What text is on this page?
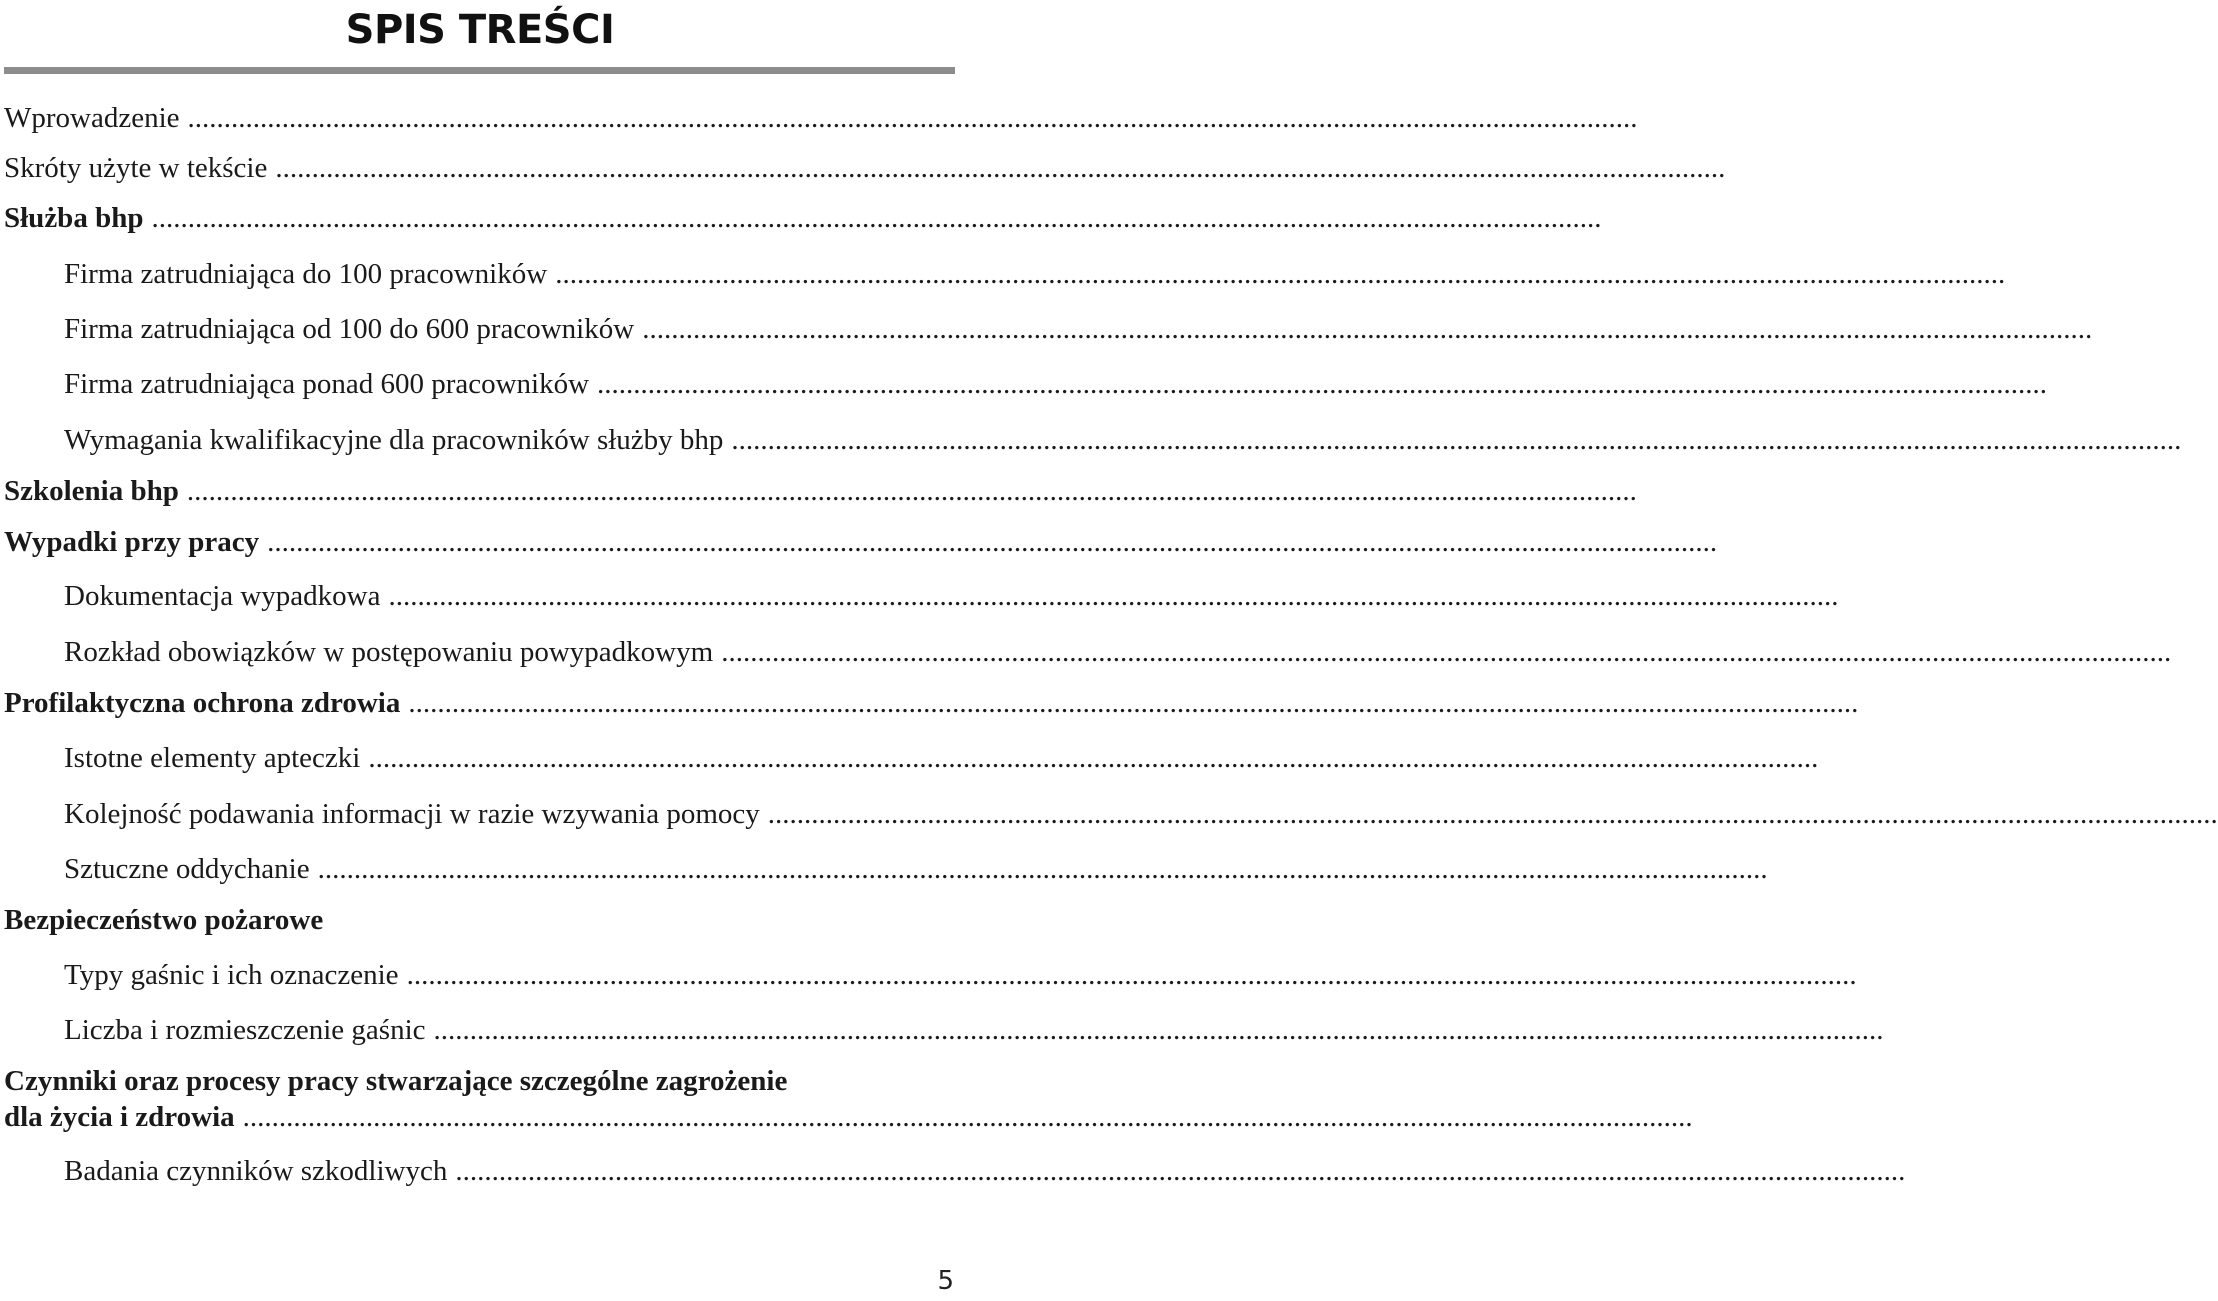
SPIS TREŚCI
Wprowadzenie ........................................................................................................................................................................................................
Skróty użyte w tekście ........................................................................................................................................................................................................
Służba bhp ........................................................................................................................................................................................................
Firma zatrudniająca do 100 pracowników ........................................................................................................................................................................................................
Firma zatrudniająca od 100 do 600 pracowników ........................................................................................................................................................................................................
Firma zatrudniająca ponad 600 pracowników ........................................................................................................................................................................................................
Wymagania kwalifikacyjne dla pracowników służby bhp ........................................................................................................................................................................................................
Szkolenia bhp ........................................................................................................................................................................................................
Wypadki przy pracy ........................................................................................................................................................................................................
Dokumentacja wypadkowa ........................................................................................................................................................................................................
Rozkład obowiązków w postępowaniu powypadkowym ........................................................................................................................................................................................................
Profilaktyczna ochrona zdrowia ........................................................................................................................................................................................................
Istotne elementy apteczki ........................................................................................................................................................................................................
Kolejność podawania informacji w razie wzywania pomocy ........................................................................................................................................................................................................
Sztuczne oddychanie ........................................................................................................................................................................................................
Bezpieczeństwo pożarowe
Typy gaśnic i ich oznaczenie ........................................................................................................................................................................................................
Liczba i rozmieszczenie gaśnic ........................................................................................................................................................................................................
Czynniki oraz procesy pracy stwarzające szczególne zagrożenie
dla życia i zdrowia ........................................................................................................................................................................................................
Badania czynników szkodliwych ........................................................................................................................................................................................................
5
